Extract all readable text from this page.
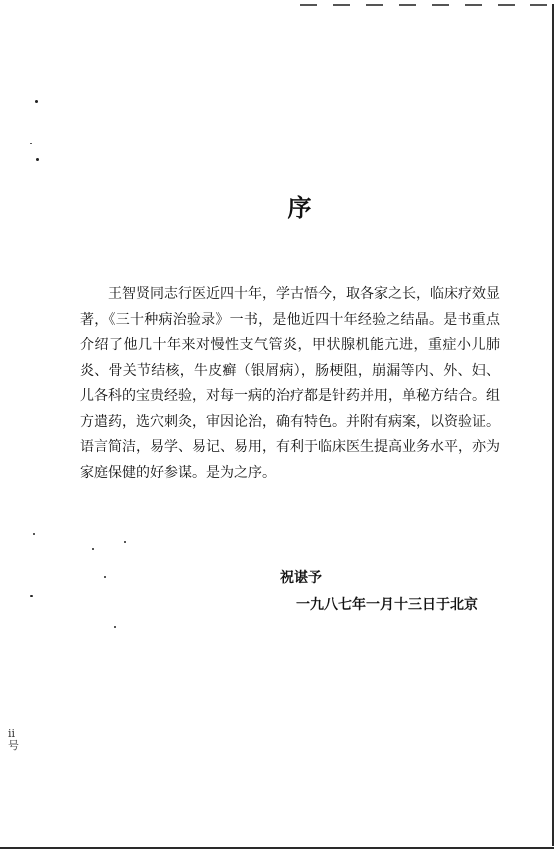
序

王智贤同志行医近四十年，学古悟今，取各家之长，临床疗效显著，《三十种病治验录》一书，是他近四十年经验之结晶。是书重点介绍了他几十年来对慢性支气管炎，甲状腺机能亢进，重症小儿肺炎、骨关节结核，牛皮癣（银屑病），肠梗阻，崩漏等内、外、妇、儿各科的宝贵经验，对每一病的治疗都是针药并用，单秘方结合。组方遣药，选穴刺灸，审因论治，确有特色。并附有病案，以资验证。语言简洁，易学、易记、易用，有利于临床医生提高业务水平，亦为家庭保健的好参谋。是为之序。

祝谌予
一九八七年一月十三日于北京
ii
号
